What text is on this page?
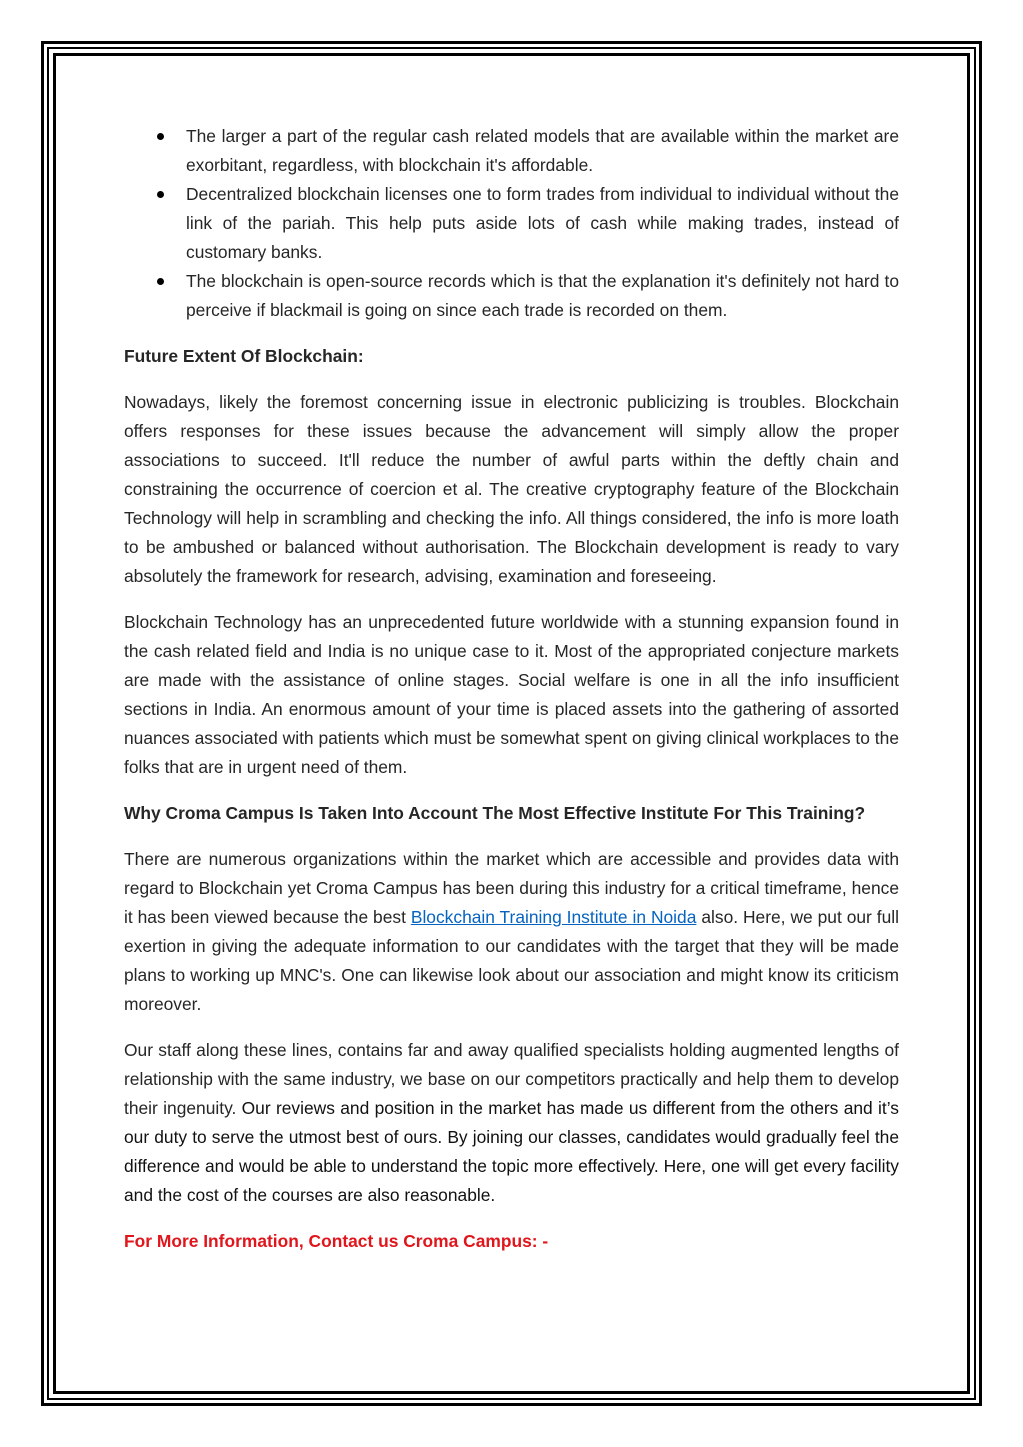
The larger a part of the regular cash related models that are available within the market are exorbitant, regardless, with blockchain it's affordable.
Decentralized blockchain licenses one to form trades from individual to individual without the link of the pariah. This help puts aside lots of cash while making trades, instead of customary banks.
The blockchain is open-source records which is that the explanation it's definitely not hard to perceive if blackmail is going on since each trade is recorded on them.

Future Extent Of Blockchain:

Nowadays, likely the foremost concerning issue in electronic publicizing is troubles. Blockchain offers responses for these issues because the advancement will simply allow the proper associations to succeed. It'll reduce the number of awful parts within the deftly chain and constraining the occurrence of coercion et al. The creative cryptography feature of the Blockchain Technology will help in scrambling and checking the info. All things considered, the info is more loath to be ambushed or balanced without authorisation. The Blockchain development is ready to vary absolutely the framework for research, advising, examination and foreseeing.

Blockchain Technology has an unprecedented future worldwide with a stunning expansion found in the cash related field and India is no unique case to it. Most of the appropriated conjecture markets are made with the assistance of online stages. Social welfare is one in all the info insufficient sections in India. An enormous amount of your time is placed assets into the gathering of assorted nuances associated with patients which must be somewhat spent on giving clinical workplaces to the folks that are in urgent need of them.

Why Croma Campus Is Taken Into Account The Most Effective Institute For This Training?

There are numerous organizations within the market which are accessible and provides data with regard to Blockchain yet Croma Campus has been during this industry for a critical timeframe, hence it has been viewed because the best Blockchain Training Institute in Noida also. Here, we put our full exertion in giving the adequate information to our candidates with the target that they will be made plans to working up MNC's. One can likewise look about our association and might know its criticism moreover.

Our staff along these lines, contains far and away qualified specialists holding augmented lengths of relationship with the same industry, we base on our competitors practically and help them to develop their ingenuity. Our reviews and position in the market has made us different from the others and it’s our duty to serve the utmost best of ours. By joining our classes, candidates would gradually feel the difference and would be able to understand the topic more effectively. Here, one will get every facility and the cost of the courses are also reasonable.

For More Information, Contact us Croma Campus: -
